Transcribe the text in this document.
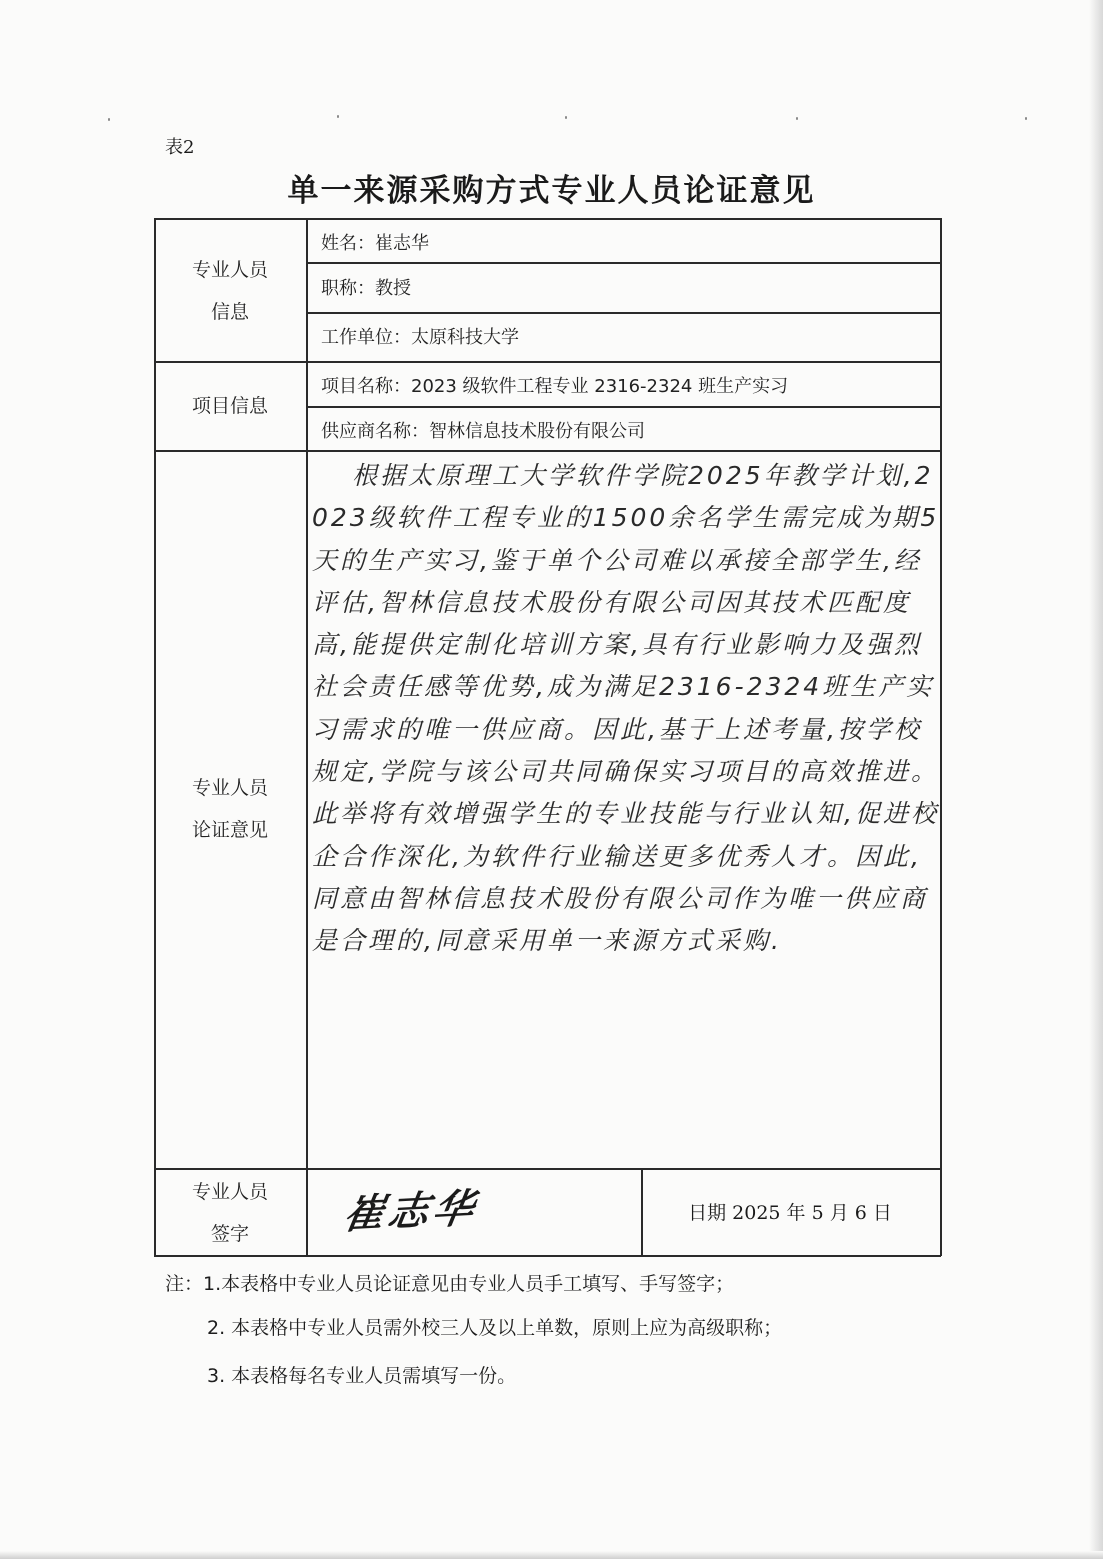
表2
单一来源采购方式专业人员论证意见
专业人员
信息
姓名：崔志华
职称：教授
工作单位：太原科技大学
项目信息
项目名称：2023 级软件工程专业 2316-2324 班生产实习
供应商名称：智林信息技术股份有限公司
专业人员
论证意见
根据太原理工大学软件学院2025年教学计划,2023级软件工程专业的1500余名学生需完成为期5天的生产实习,鉴于单个公司难以承接全部学生,经评估,智林信息技术股份有限公司因其技术匹配度高,能提供定制化培训方案,具有行业影响力及强烈社会责任感等优势,成为满足2316-2324班生产实习需求的唯一供应商。因此,基于上述考量,按学校规定,学院与该公司共同确保实习项目的高效推进。此举将有效增强学生的专业技能与行业认知,促进校企合作深化,为软件行业输送更多优秀人才。因此,同意由智林信息技术股份有限公司作为唯一供应商是合理的,同意采用单一来源方式采购.
专业人员
签字	崔志华	日期 2025 年 5 月 6 日
注：1.本表格中专业人员论证意见由专业人员手工填写、手写签字；
2. 本表格中专业人员需外校三人及以上单数，原则上应为高级职称；
3. 本表格每名专业人员需填写一份。
